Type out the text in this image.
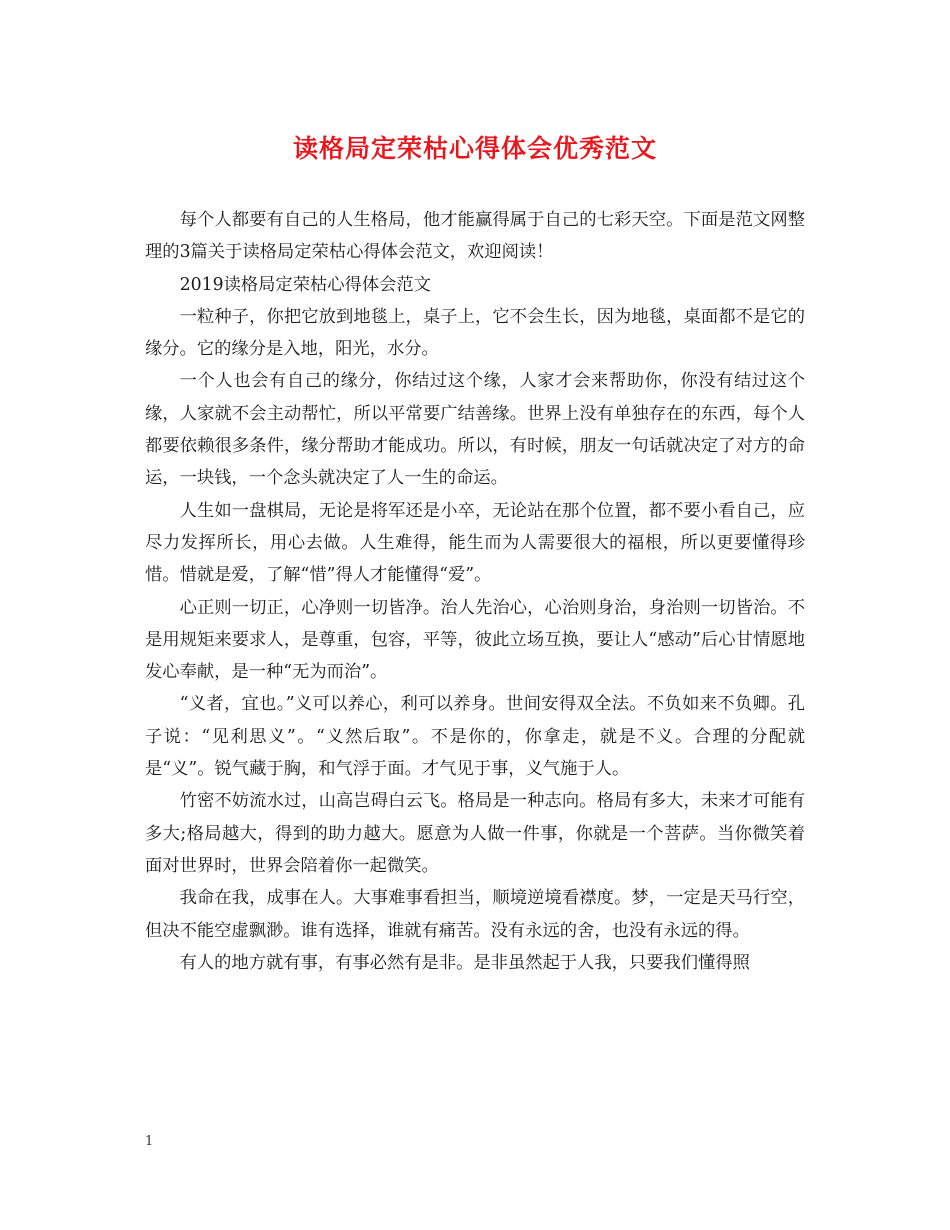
读格局定荣枯心得体会优秀范文

每个人都要有自己的人生格局，他才能赢得属于自己的七彩天空。下面是范文网整理的3篇关于读格局定荣枯心得体会范文，欢迎阅读！

2019读格局定荣枯心得体会范文

一粒种子，你把它放到地毯上，桌子上，它不会生长，因为地毯，桌面都不是它的缘分。它的缘分是入地，阳光，水分。

一个人也会有自己的缘分，你结过这个缘，人家才会来帮助你，你没有结过这个缘，人家就不会主动帮忙，所以平常要广结善缘。世界上没有单独存在的东西，每个人都要依赖很多条件，缘分帮助才能成功。所以，有时候，朋友一句话就决定了对方的命运，一块钱，一个念头就决定了人一生的命运。

人生如一盘棋局，无论是将军还是小卒，无论站在那个位置，都不要小看自己，应尽力发挥所长，用心去做。人生难得，能生而为人需要很大的福根，所以更要懂得珍惜。惜就是爱，了解“惜”得人才能懂得“爱”。

心正则一切正，心净则一切皆净。治人先治心，心治则身治，身治则一切皆治。不是用规矩来要求人，是尊重，包容，平等，彼此立场互换，要让人“感动”后心甘情愿地发心奉献，是一种“无为而治”。

“义者，宜也。”义可以养心，利可以养身。世间安得双全法。不负如来不负卿。孔子说：“见利思义”。“义然后取”。不是你的，你拿走，就是不义。合理的分配就是“义”。锐气藏于胸，和气浮于面。才气见于事，义气施于人。

竹密不妨流水过，山高岂碍白云飞。格局是一种志向。格局有多大，未来才可能有多大;格局越大，得到的助力越大。愿意为人做一件事，你就是一个菩萨。当你微笑着面对世界时，世界会陪着你一起微笑。

我命在我，成事在人。大事难事看担当，顺境逆境看襟度。梦，一定是天马行空，但决不能空虚飘渺。谁有选择，谁就有痛苦。没有永远的舍，也没有永远的得。

有人的地方就有事，有事必然有是非。是非虽然起于人我，只要我们懂得照

1
